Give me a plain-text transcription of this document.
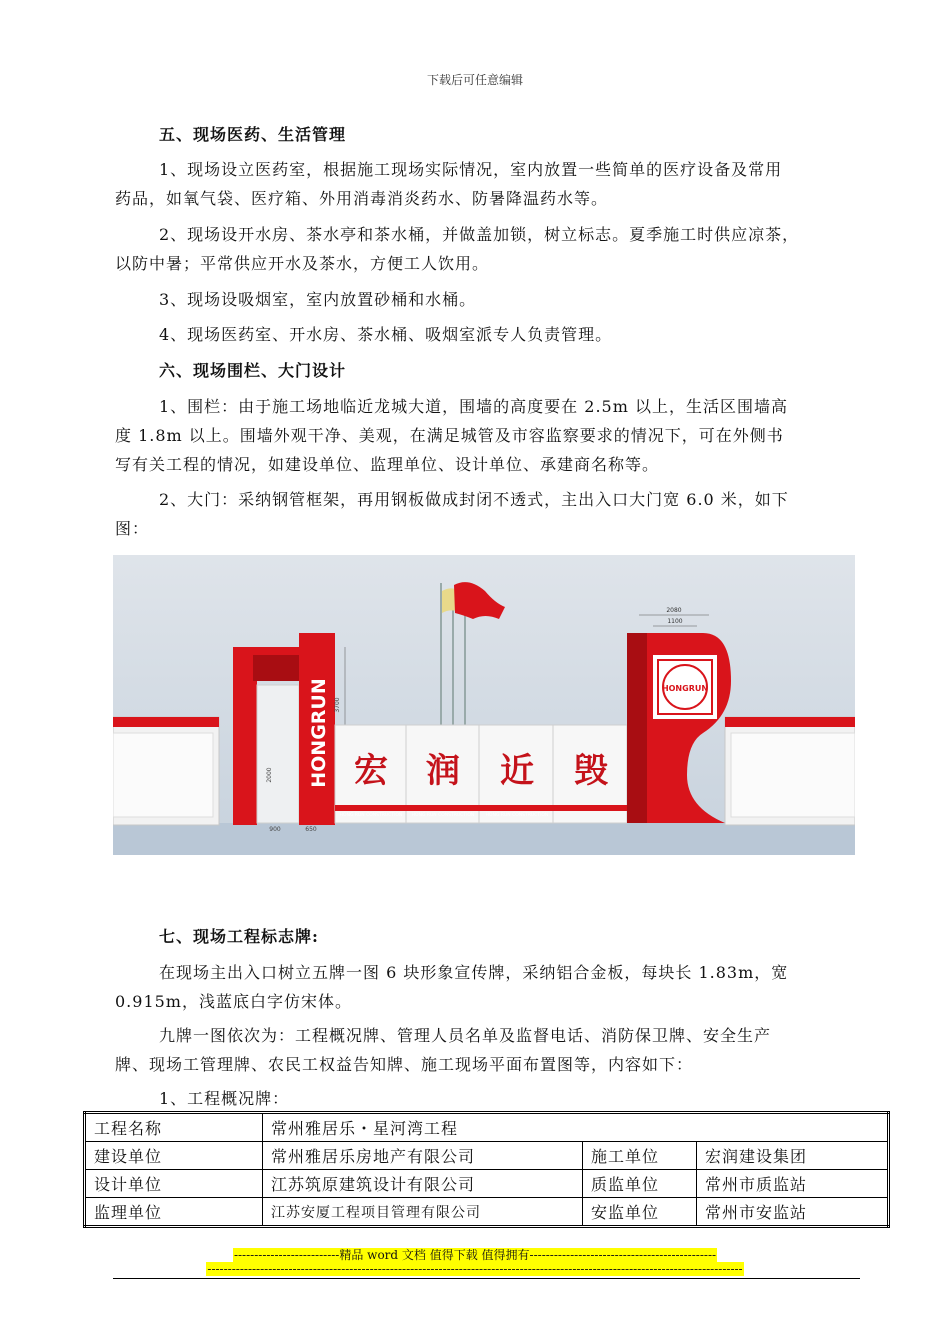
下载后可任意编辑
五、现场医药、生活管理
1、现场设立医药室，根据施工现场实际情况，室内放置一些简单的医疗设备及常用
药品，如氧气袋、医疗箱、外用消毒消炎药水、防暑降温药水等。
2、现场设开水房、茶水亭和茶水桶，并做盖加锁，树立标志。夏季施工时供应凉茶，
以防中暑；平常供应开水及茶水，方便工人饮用。
3、现场设吸烟室，室内放置砂桶和水桶。
4、现场医药室、开水房、茶水桶、吸烟室派专人负责管理。
六、现场围栏、大门设计
1、围栏：由于施工场地临近龙城大道，围墙的高度要在 2.5m 以上，生活区围墙高
度 1.8m 以上。围墙外观干净、美观，在满足城管及市容监察要求的情况下，可在外侧书
写有关工程的情况，如建设单位、监理单位、设计单位、承建商名称等。
2、大门：采纳钢管框架，再用钢板做成封闭不透式，主出入口大门宽 6.0 米，如下
图：
HONGRUN 3700
2000
900	650
宏 润 近 毁
HONG RUN CONSTRUCTION HONG RUN CONSTRUCTION	HONG RUN CONSTRUCTION
HONGRUN
2080
1100
七、现场工程标志牌:
在现场主出入口树立五牌一图 6 块形象宣传牌，采纳铝合金板，每块长 1.83m，宽
0.915m，浅蓝底白字仿宋体。
九牌一图依次为：工程概况牌、管理人员名单及监督电话、消防保卫牌、安全生产
牌、现场工管理牌、农民工权益告知牌、施工现场平面布置图等，内容如下：
1、工程概况牌：
工程名称	常州雅居乐・星河湾工程		
建设单位	常州雅居乐房地产有限公司	施工单位	宏润建设集团
设计单位	江苏筑原建筑设计有限公司	质监单位	常州市质监站
监理单位	江苏安厦工程项目管理有限公司	安监单位	常州市安监站
--------------------------精品 word 文档 值得下载 值得拥有----------------------------------------------
------------------------------------------------------------------------------------------------------------------------------------
